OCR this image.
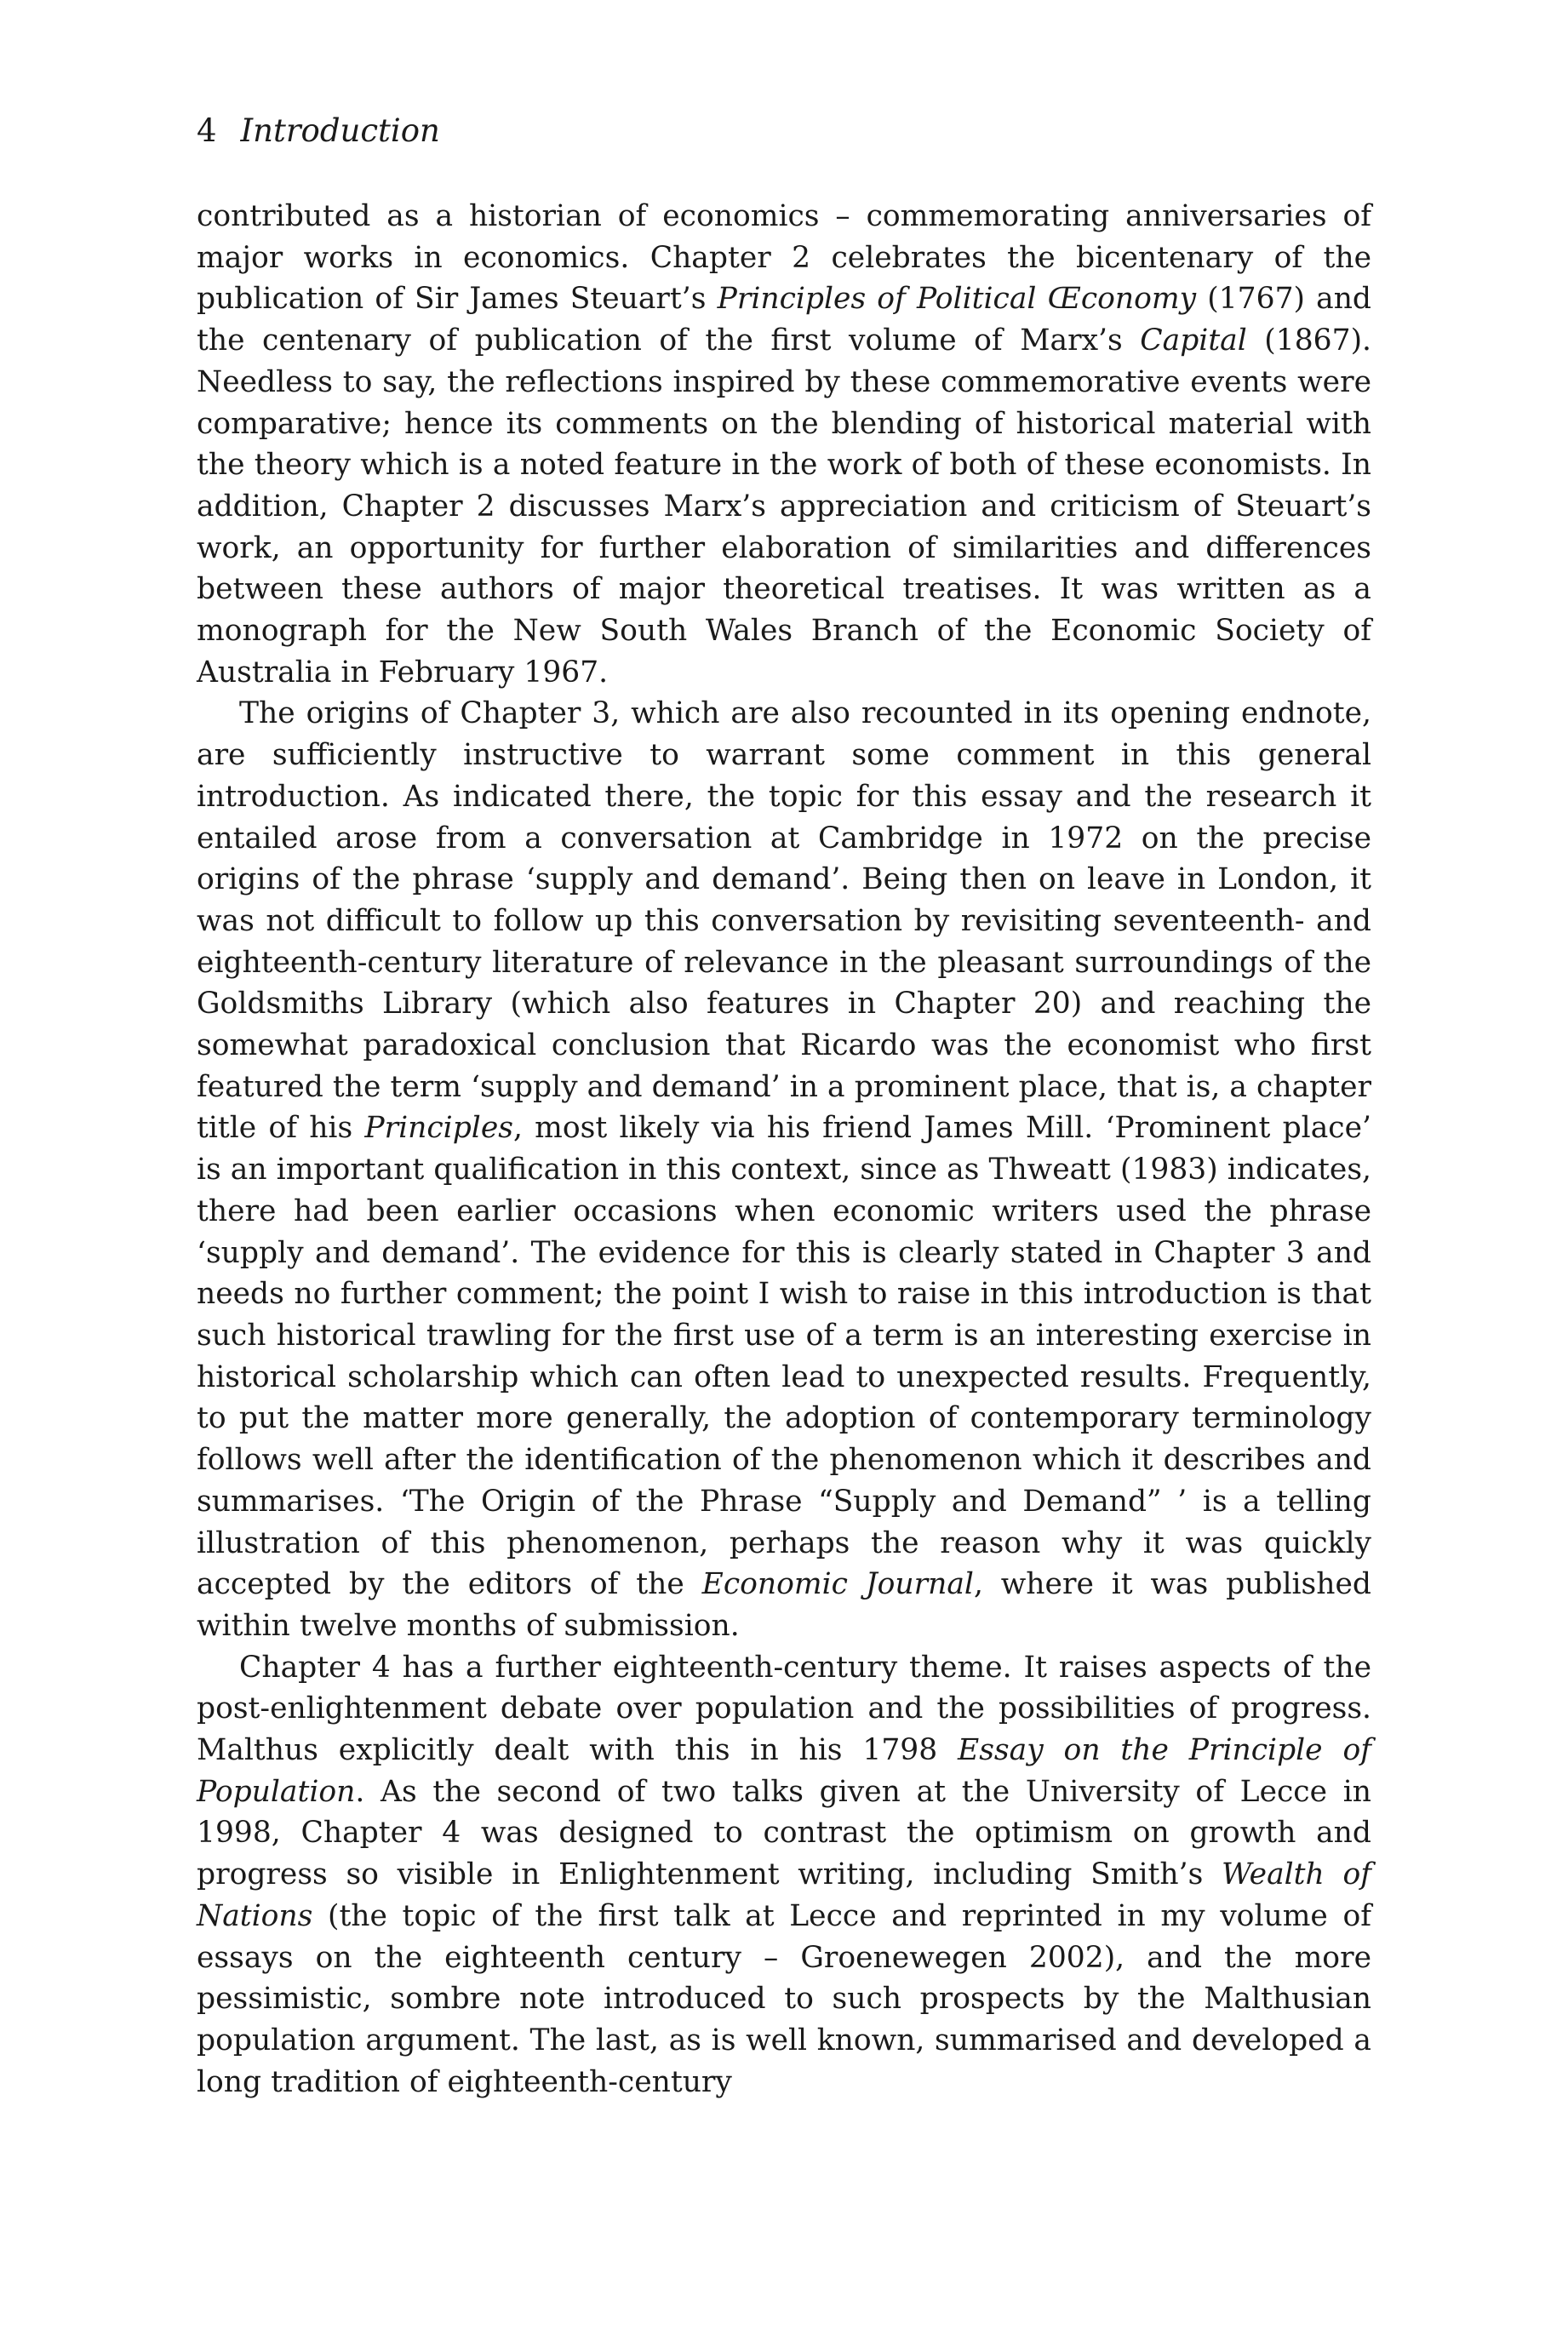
4 Introduction

contributed as a historian of economics – commemorating anniversaries of major works in economics. Chapter 2 celebrates the bicentenary of the publication of Sir James Steuart’s Principles of Political Œconomy (1767) and the centenary of publication of the first volume of Marx’s Capital (1867). Needless to say, the reflections inspired by these commemorative events were comparative; hence its comments on the blending of historical material with the theory which is a noted feature in the work of both of these economists. In addition, Chapter 2 discusses Marx’s appreciation and criticism of Steuart’s work, an opportunity for further elaboration of similarities and differences between these authors of major theoretical treatises. It was written as a monograph for the New South Wales Branch of the Economic Society of Australia in February 1967.

The origins of Chapter 3, which are also recounted in its opening endnote, are sufficiently instructive to warrant some comment in this general introduction. As indicated there, the topic for this essay and the research it entailed arose from a conversation at Cambridge in 1972 on the precise origins of the phrase ‘supply and demand’. Being then on leave in London, it was not difficult to follow up this conversation by revisiting seventeenth- and eighteenth-century literature of relevance in the pleasant surroundings of the Goldsmiths Library (which also features in Chapter 20) and reaching the somewhat paradoxical conclusion that Ricardo was the economist who first featured the term ‘supply and demand’ in a prominent place, that is, a chapter title of his Principles, most likely via his friend James Mill. ‘Prominent place’ is an important qualification in this context, since as Thweatt (1983) indicates, there had been earlier occasions when economic writers used the phrase ‘supply and demand’. The evidence for this is clearly stated in Chapter 3 and needs no further comment; the point I wish to raise in this introduction is that such historical trawling for the first use of a term is an interesting exercise in historical scholarship which can often lead to unexpected results. Frequently, to put the matter more generally, the adoption of contemporary terminology follows well after the identification of the phenomenon which it describes and summarises. ‘The Origin of the Phrase “Supply and Demand” ’ is a telling illustration of this phenomenon, perhaps the reason why it was quickly accepted by the editors of the Economic Journal, where it was published within twelve months of submission.

Chapter 4 has a further eighteenth-century theme. It raises aspects of the post-enlightenment debate over population and the possibilities of progress. Malthus explicitly dealt with this in his 1798 Essay on the Principle of Population. As the second of two talks given at the University of Lecce in 1998, Chapter 4 was designed to contrast the optimism on growth and progress so visible in Enlightenment writing, including Smith’s Wealth of Nations (the topic of the first talk at Lecce and reprinted in my volume of essays on the eighteenth century – Groenewegen 2002), and the more pessimistic, sombre note introduced to such prospects by the Malthusian population argument. The last, as is well known, summarised and developed a long tradition of eighteenth-century
